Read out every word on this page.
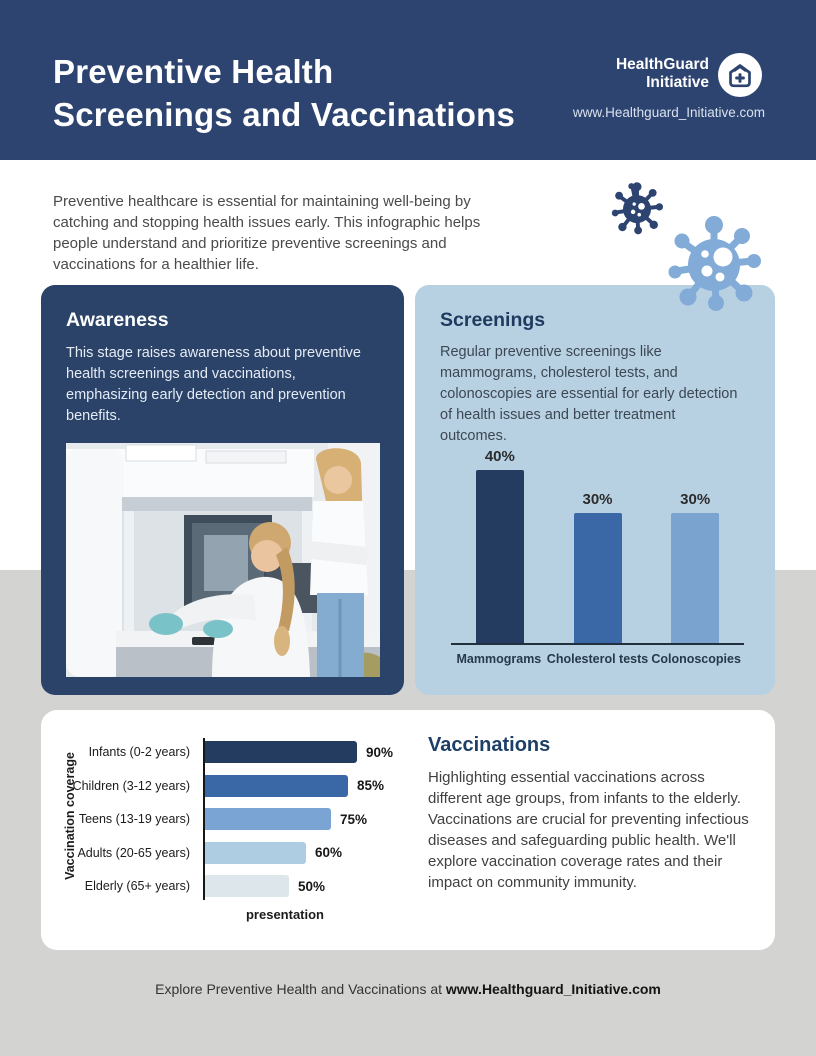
Preventive Health
Screenings and Vaccinations
HealthGuard
Initiative
www.Healthguard_Initiative.com

Preventive healthcare is essential for maintaining well-being by catching and stopping health issues early. This infographic helps people understand and prioritize preventive screenings and vaccinations for a healthier life.

Awareness

This stage raises awareness about preventive health screenings and vaccinations, emphasizing early detection and prevention benefits.

Screenings

Regular preventive screenings like mammograms, cholesterol tests, and colonoscopies are essential for early detection of health issues and better treatment outcomes.

40%
30%	30%
Mammograms Cholesterol tests Colonoscopies
Vaccination coverage
Infants (0-2 years)	90%
Children (3-12 years)	85%
Teens (13-19 years)	75%
Adults (20-65 years)	60%
Elderly (65+ years)	50%
presentation
Vaccinations

Highlighting essential vaccinations across different age groups, from infants to the elderly. Vaccinations are crucial for preventing infectious diseases and safeguarding public health. We'll explore vaccination coverage rates and their impact on community immunity.

Explore Preventive Health and Vaccinations at www.Healthguard_Initiative.com
